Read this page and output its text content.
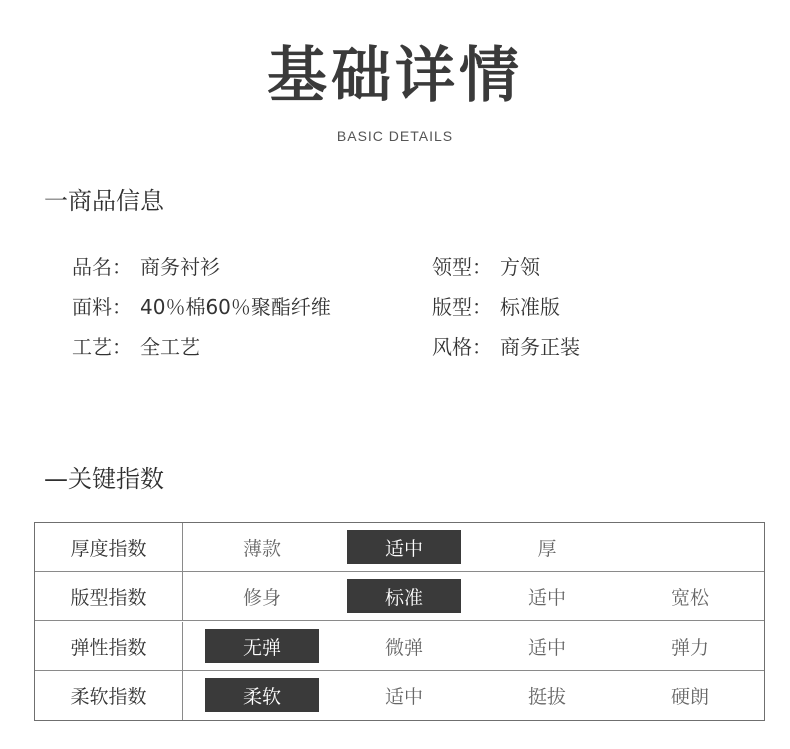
基础详情
BASIC DETAILS
一商品信息
品名： 商务衬衫
面料： 40％棉60％聚酯纤维
工艺： 全工艺
领型： 方领
版型： 标准版
风格： 商务正装
—关键指数
厚度指数	薄款	适中	厚
版型指数	修身	标准	适中	宽松
弹性指数	无弹	微弹	适中	弹力
柔软指数	柔软	适中	挺拔	硬朗
